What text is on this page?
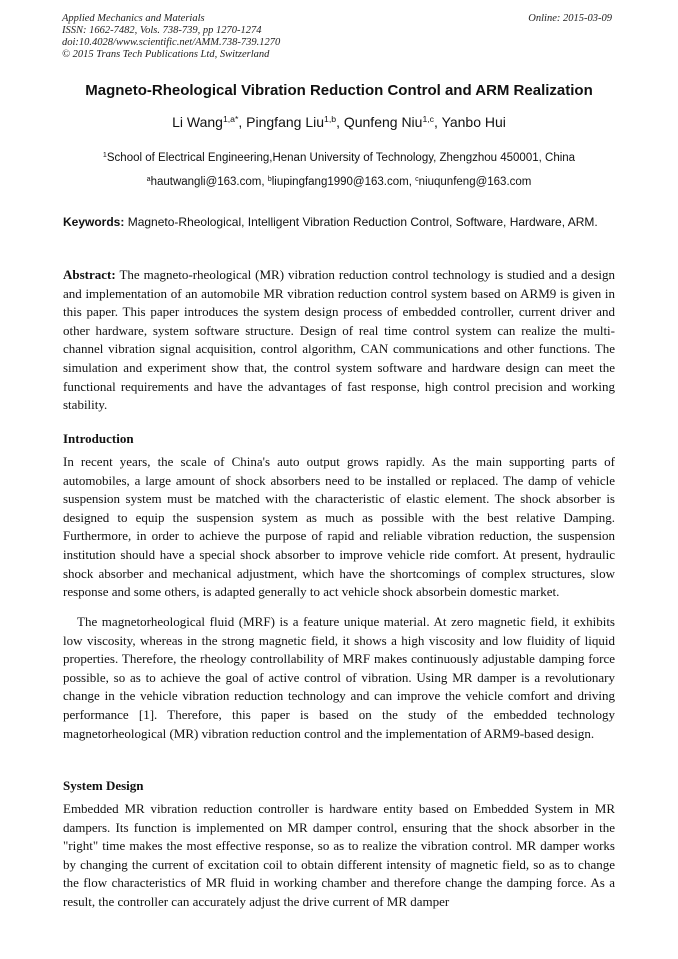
Applied Mechanics and Materials
ISSN: 1662-7482, Vols. 738-739, pp 1270-1274
doi:10.4028/www.scientific.net/AMM.738-739.1270
© 2015 Trans Tech Publications Ltd, Switzerland
Online: 2015-03-09
Magneto-Rheological Vibration Reduction Control and ARM Realization
Li Wang$^{1,a*}$, Pingfang Liu$^{1,b}$, Qunfeng Niu$^{1,c}$, Yanbo Hui
$^1$School of Electrical Engineering,Henan University of Technology, Zhengzhou 450001, China
$^a$hautwangli@163.com, $^b$liupingfang1990@163.com, $^c$niuqunfeng@163.com
Keywords: Magneto-Rheological, Intelligent Vibration Reduction Control, Software, Hardware, ARM.
Abstract: The magneto-rheological (MR) vibration reduction control technology is studied and a design and implementation of an automobile MR vibration reduction control system based on ARM9 is given in this paper. This paper introduces the system design process of embedded controller, current driver and other hardware, system software structure. Design of real time control system can realize the multi-channel vibration signal acquisition, control algorithm, CAN communications and other functions. The simulation and experiment show that, the control system software and hardware design can meet the functional requirements and have the advantages of fast response, high control precision and working stability.
Introduction
In recent years, the scale of China's auto output grows rapidly. As the main supporting parts of automobiles, a large amount of shock absorbers need to be installed or replaced. The damp of vehicle suspension system must be matched with the characteristic of elastic element. The shock absorber is designed to equip the suspension system as much as possible with the best relative Damping. Furthermore, in order to achieve the purpose of rapid and reliable vibration reduction, the suspension institution should have a special shock absorber to improve vehicle ride comfort. At present, hydraulic shock absorber and mechanical adjustment, which have the shortcomings of complex structures, slow response and some others, is adapted generally to act vehicle shock absorbein domestic market.
The magnetorheological fluid (MRF) is a feature unique material. At zero magnetic field, it exhibits low viscosity, whereas in the strong magnetic field, it shows a high viscosity and low fluidity of liquid properties. Therefore, the rheology controllability of MRF makes continuously adjustable damping force possible, so as to achieve the goal of active control of vibration. Using MR damper is a revolutionary change in the vehicle vibration reduction technology and can improve the vehicle comfort and driving performance [1]. Therefore, this paper is based on the study of the embedded technology magnetorheological (MR) vibration reduction control and the implementation of ARM9-based design.
System Design
Embedded MR vibration reduction controller is hardware entity based on Embedded System in MR dampers. Its function is implemented on MR damper control, ensuring that the shock absorber in the "right" time makes the most effective response, so as to realize the vibration control. MR damper works by changing the current of excitation coil to obtain different intensity of magnetic field, so as to change the flow characteristics of MR fluid in working chamber and therefore change the damping force. As a result, the controller can accurately adjust the drive current of MR damper
